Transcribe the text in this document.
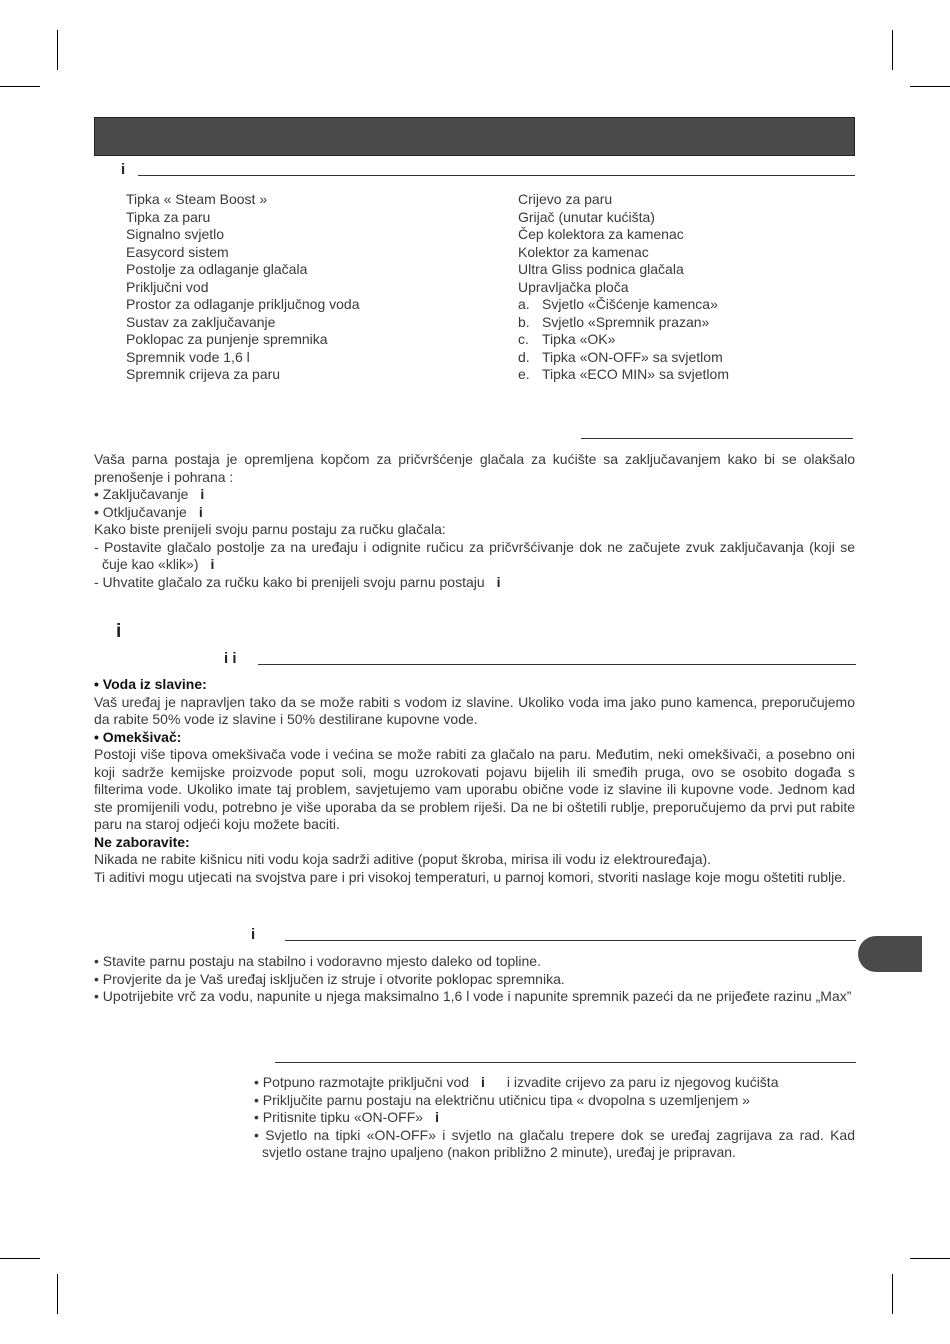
i
Tipka « Steam Boost »
Tipka za paru
Signalno svjetlo
Easycord sistem
Postolje za odlaganje glačala
Priključni vod
Prostor za odlaganje priključnog voda
Sustav za zaključavanje
Poklopac za punjenje spremnika
Spremnik vode 1,6 l
Spremnik crijeva za paru
Crijevo za paru
Grijač (unutar kućišta)
Čep kolektora za kamenac
Kolektor za kamenac
Ultra Gliss podnica glačala
Upravljačka ploča
a. Svjetlo «Čišćenje kamenca»
b. Svjetlo «Spremnik prazan»
c. Tipka «OK»
d. Tipka «ON-OFF» sa svjetlom
e. Tipka «ECO MIN» sa svjetlom
Vaša parna postaja je opremljena kopčom za pričvršćenje glačala za kućište sa zaključavanjem kako bi se olakšalo prenošenje i pohrana :
• Zaključavanje i
• Otključavanje i
Kako biste prenijeli svoju parnu postaju za ručku glačala:
- Postavite glačalo postolje za na uređaju i odignite ručicu za pričvršćivanje dok ne začujete zvuk zaključavanja (koji se čuje kao «klik») i
- Uhvatite glačalo za ručku kako bi prenijeli svoju parnu postaju i
i
i i
• Voda iz slavine:
Vaš uređaj je napravljen tako da se može rabiti s vodom iz slavine. Ukoliko voda ima jako puno kamenca, preporučujemo da rabite 50% vode iz slavine i 50% destilirane kupovne vode.
• Omekšivač:
Postoji više tipova omekšivača vode i većina se može rabiti za glačalo na paru. Međutim, neki omekšivači, a posebno oni koji sadrže kemijske proizvode poput soli, mogu uzrokovati pojavu bijelih ili smeđih pruga, ovo se osobito događa s filterima vode. Ukoliko imate taj problem, savjetujemo vam uporabu obične vode iz slavine ili kupovne vode. Jednom kad ste promijenili vodu, potrebno je više uporaba da se problem riješi. Da ne bi oštetili rublje, preporučujemo da prvi put rabite paru na staroj odjeći koju možete baciti.
Ne zaboravite:
Nikada ne rabite kišnicu niti vodu koja sadrži aditive (poput škroba, mirisa ili vodu iz elektrouređaja).
Ti aditivi mogu utjecati na svojstva pare i pri visokoj temperaturi, u parnoj komori, stvoriti naslage koje mogu oštetiti rublje.
i
• Stavite parnu postaju na stabilno i vodoravno mjesto daleko od topline.
• Provjerite da je Vaš uređaj isključen iz struje i otvorite poklopac spremnika.
• Upotrijebite vrč za vodu, napunite u njega maksimalno 1,6 l vode i napunite spremnik pazeći da ne prijeđete razinu „Max”
• Potpuno razmotajte priključni vod i i izvadite crijevo za paru iz njegovog kućišta
• Priključite parnu postaju na električnu utičnicu tipa « dvopolna s uzemljenjem »
• Pritisnite tipku «ON-OFF» i
• Svjetlo na tipki «ON-OFF» i svjetlo na glačalu trepere dok se uređaj zagrijava za rad. Kad svjetlo ostane trajno upaljeno (nakon približno 2 minute), uređaj je pripravan.
